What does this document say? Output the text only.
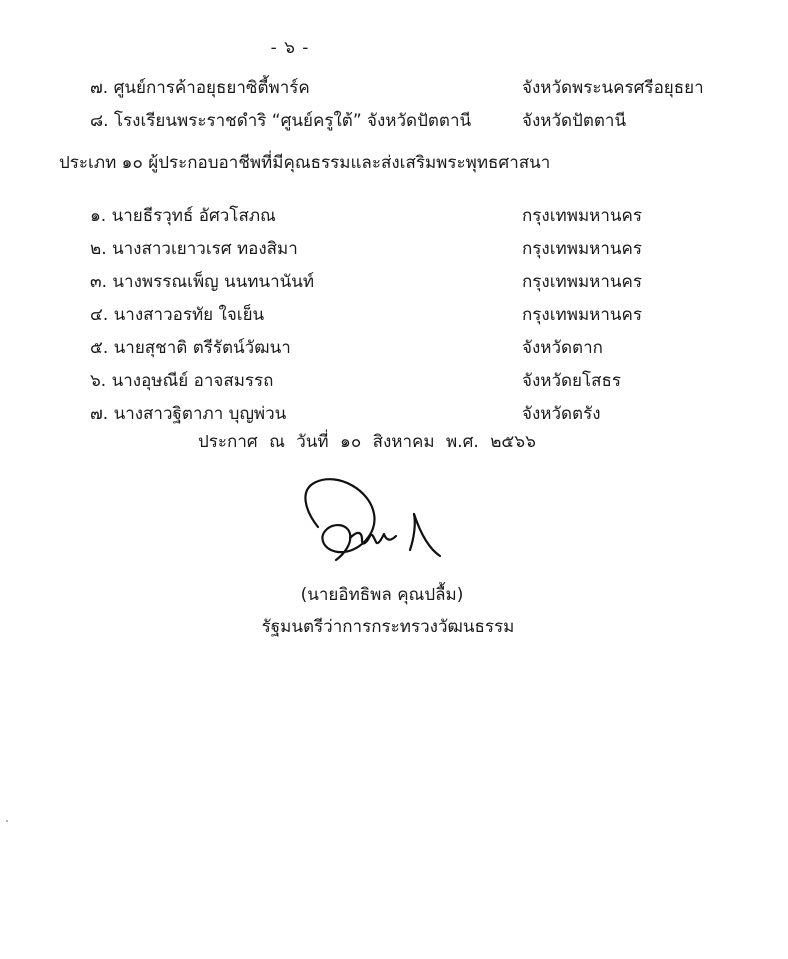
- ๖ -
๗. ศูนย์การค้าอยุธยาซิตี้พาร์ค	จังหวัดพระนครศรีอยุธยา
๘. โรงเรียนพระราชดำริ “ศูนย์ครูใต้” จังหวัดปัตตานี	จังหวัดปัตตานี
ประเภท ๑๐ ผู้ประกอบอาชีพที่มีคุณธรรมและส่งเสริมพระพุทธศาสนา
๑. นายธีรวุทธ์ อัศวโสภณ	กรุงเทพมหานคร
๒. นางสาวเยาวเรศ ทองสิมา	กรุงเทพมหานคร
๓. นางพรรณเพ็ญ นนทนานันท์	กรุงเทพมหานคร
๔. นางสาวอรทัย ใจเย็น	กรุงเทพมหานคร
๕. นายสุชาติ ตรีรัตน์วัฒนา	จังหวัดตาก
๖. นางอุษณีย์ อาจสมรรถ	จังหวัดยโสธร
๗. นางสาวฐิตาภา บุญพ่วน	จังหวัดตรัง
ประกาศ ณ วันที่ ๑๐ สิงหาคม พ.ศ. ๒๕๖๖
(นายอิทธิพล คุณปลื้ม)
รัฐมนตรีว่าการกระทรวงวัฒนธรรม
